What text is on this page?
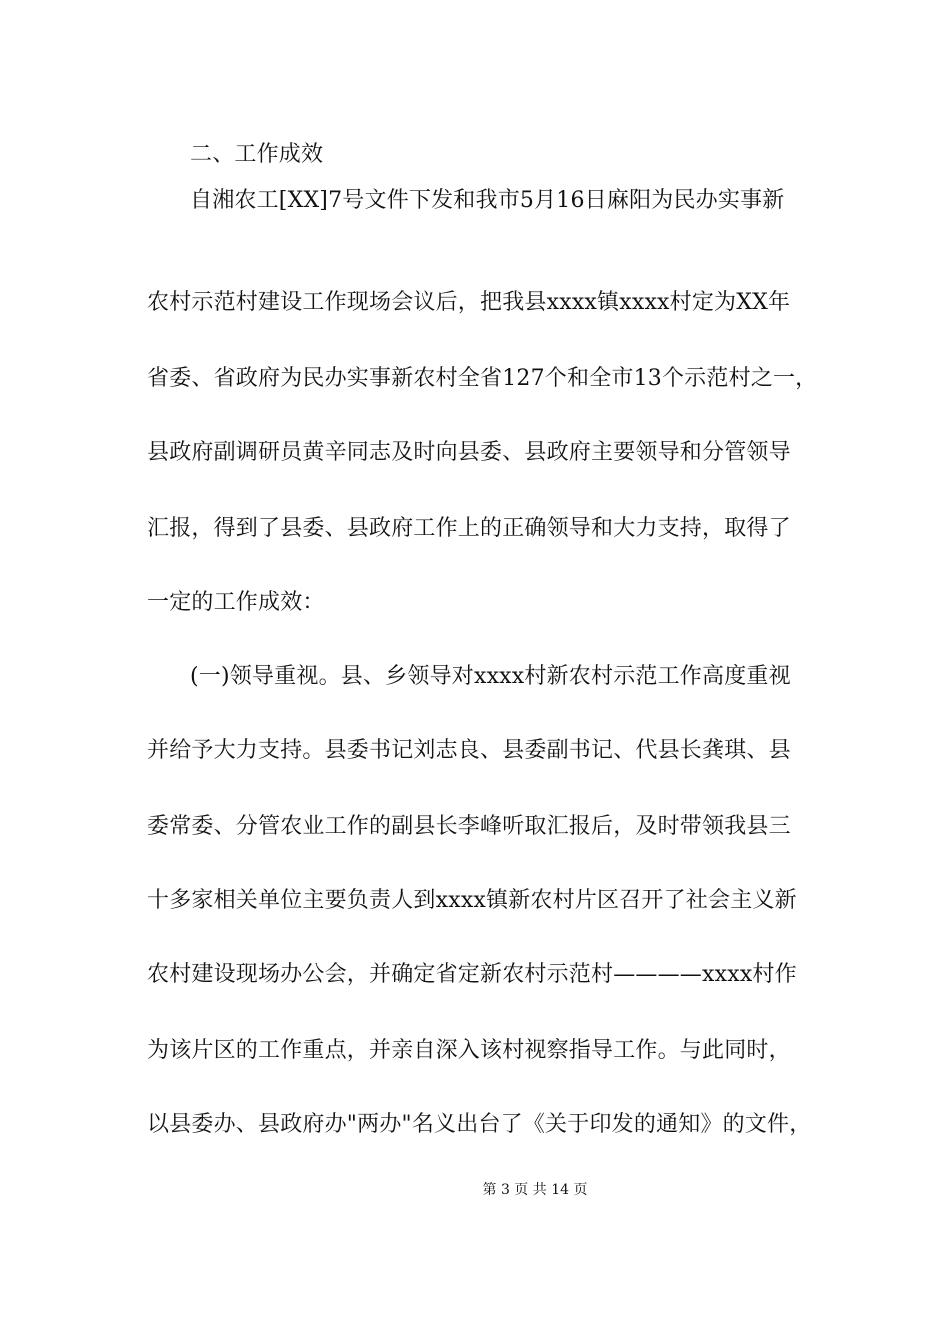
二、工作成效
自湘农工[XX]7号文件下发和我市5月16日麻阳为民办实事新
农村示范村建设工作现场会议后，把我县xxxx镇xxxx村定为XX年
省委、省政府为民办实事新农村全省127个和全市13个示范村之一，
县政府副调研员黄辛同志及时向县委、县政府主要领导和分管领导
汇报，得到了县委、县政府工作上的正确领导和大力支持，取得了
一定的工作成效：
(一)领导重视。县、乡领导对xxxx村新农村示范工作高度重视
并给予大力支持。县委书记刘志良、县委副书记、代县长龚琪、县
委常委、分管农业工作的副县长李峰听取汇报后，及时带领我县三
十多家相关单位主要负责人到xxxx镇新农村片区召开了社会主义新
农村建设现场办公会，并确定省定新农村示范村————xxxx村作
为该片区的工作重点，并亲自深入该村视察指导工作。与此同时，
以县委办、县政府办"两办"名义出台了《关于印发的通知》的文件，
第 3 页 共 14 页
